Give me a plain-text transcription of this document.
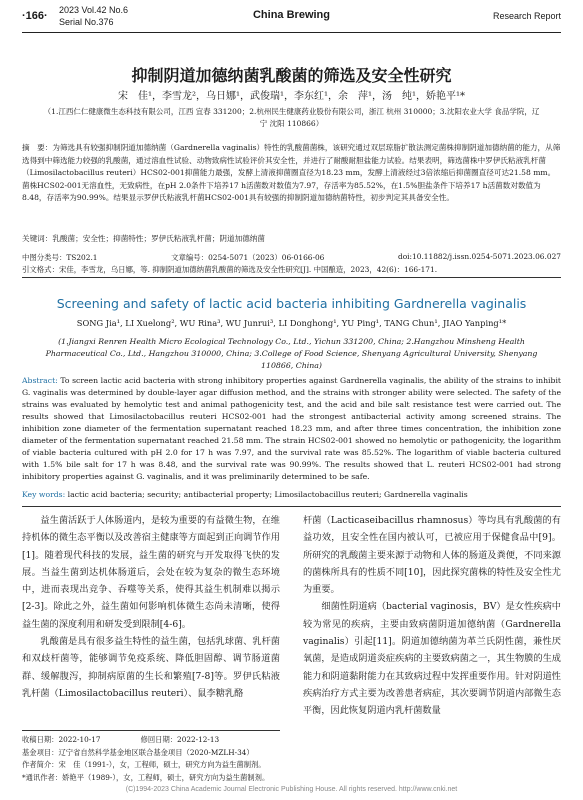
·166· 2023 Vol.42 No.6
Serial No.376
China Brewing	Research Report
抑制阴道加德纳菌乳酸菌的筛选及安全性研究
宋　佳¹，李雪龙²，乌日娜¹，武俊瑞¹，李东红¹，余　萍¹，汤　纯¹，娇艳平¹*
（1.江西仁仁健康微生态科技有限公司，江西 宜春 331200；2.杭州民生健康药业股份有限公司，浙江 杭州 310000；3.沈阳农业大学 食品学院，辽宁 沈阳 110866）
摘　要：为筛选具有较强抑制阴道加德纳菌（Gardnerella vaginalis）特性的乳酸菌菌株，该研究通过双层琼脂扩散法测定菌株抑制阴道加德纳菌的能力，从筛选得到中筛选能力较强的乳酸菌，通过溶血性试验、动物致病性试验评价其安全性，并进行了耐酸耐胆盐能力试验。结果表明，筛选菌株中罗伊氏粘液乳杆菌（Limosilactobacillus reuteri）HCS02-001抑菌能力最强，发酵上清液抑菌圈直径为18.23 mm，发酵上清液经过3倍浓缩后抑菌圈直径可达21.58 mm。菌株HCS02-001无溶血性，无致病性，在pH 2.0条件下培养17 h活菌数对数值为7.97，存活率为85.52%，在1.5%胆盐条件下培养17 h活菌数对数值为8.48，存活率为90.99%。结果显示罗伊氏粘液乳杆菌HCS02-001具有较强的抑制阴道加德纳菌特性，初步判定其具备安全性。
关键词：乳酸菌；安全性；抑菌特性；罗伊氏粘液乳杆菌；阴道加德纳菌
中图分类号：TS202.1	文章编号：0254-5071（2023）06-0166-06	doi:10.11882/j.issn.0254-5071.2023.06.027
引文格式：宋佳，李雪龙，乌日娜，等. 抑制阴道加德纳菌乳酸菌的筛选及安全性研究[J]. 中国酿造，2023，42(6)：166-171.
Screening and safety of lactic acid bacteria inhibiting Gardnerella vaginalis
SONG Jia¹, LI Xuelong², WU Rina³, WU Junrui³, LI Donghong¹, YU Ping¹, TANG Chun¹, JIAO Yanping¹*
(1.Jiangxi Renren Health Micro Ecological Technology Co., Ltd., Yichun 331200, China; 2.Hangzhou Minsheng Health Pharmaceutical Co., Ltd., Hangzhou 310000, China; 3.College of Food Science, Shenyang Agricultural University, Shenyang 110866, China)
Abstract: To screen lactic acid bacteria with strong inhibitory properties against Gardnerella vaginalis, the ability of the strains to inhibit G. vaginalis was determined by double-layer agar diffusion method, and the strains with stronger ability were selected. The safety of the strains was evaluated by hemolytic test and animal pathogenicity test, and the acid and bile salt resistance test were carried out. The results showed that Limosilactobacillus reuteri HCS02-001 had the strongest antibacterial activity among screened strains. The inhibition zone diameter of the fermentation supernatant reached 18.23 mm, and after three times concentration, the inhibition zone diameter of the fermentation supernatant reached 21.58 mm. The strain HCS02-001 showed no hemolytic or pathogenicity, the logarithm of viable bacteria cultured with pH 2.0 for 17 h was 7.97, and the survival rate was 85.52%. The logarithm of viable bacteria cultured with 1.5% bile salt for 17 h was 8.48, and the survival rate was 90.99%. The results showed that L. reuteri HCS02-001 had strong inhibitory properties against G. vaginalis, and it was preliminarily determined to be safe.
Key words: lactic acid bacteria; security; antibacterial property; Limosilactobacillus reuteri; Gardnerella vaginalis

益生菌活跃于人体肠道内，是较为重要的有益微生物，在维持机体的微生态平衡以及改善宿主健康等方面起到正向调节作用[1]。随着现代科技的发展，益生菌的研究与开发取得飞快的发展。当益生菌到达机体肠道后，会处在较为复杂的微生态环境中，进而表现出竞争、吞噬等关系，使得其益生机制难以揭示[2-3]。除此之外，益生菌如何影响机体微生态尚未清晰，使得益生菌的深度利用和研发受到限制[4-6]。

乳酸菌是具有很多益生特性的益生菌，包括乳球菌、乳杆菌和双歧杆菌等，能够调节免疫系统、降低胆固醇、调节肠道菌群、缓解腹泻，抑制病原菌的生长和繁殖[7-8]等。罗伊氏粘液乳杆菌（Limosilactobacillus reuteri）、鼠李糖乳酪

杆菌（Lacticaseibacillus rhamnosus）等均具有乳酸菌的有益功效，且安全性在国内被认可，已被应用于保健食品中[9]。所研究的乳酸菌主要来源于动物和人体的肠道及粪便，不同来源的菌株所具有的性质不同[10]，因此探究菌株的特性及安全性尤为重要。

细菌性阴道病（bacterial vaginosis，BV）是女性疾病中较为常见的疾病，主要由致病菌阴道加德纳菌（Gardnerella vaginalis）引起[11]。阴道加德纳菌为革兰氏阴性菌，兼性厌氧菌，是造成阴道炎症疾病的主要致病菌之一，其生物膜的生成能力和阴道黏附能力在其致病过程中发挥重要作用。针对阴道性疾病治疗方式主要为改善患者病症，其次要调节阴道内部微生态平衡，因此恢复阴道内乳杆菌数量

收稿日期：2022-10-17	修回日期：2022-12-13
基金项目：辽宁省自然科学基金地区联合基金项目（2020-MZLH-34）
作者简介：宋　佳（1991-），女，工程师，硕士，研究方向为益生菌制剂。
*通讯作者：娇艳平（1989-），女，工程师，硕士，研究方向为益生菌制剂。
(C)1994-2023 China Academic Journal Electronic Publishing House. All rights reserved. http://www.cnki.net
